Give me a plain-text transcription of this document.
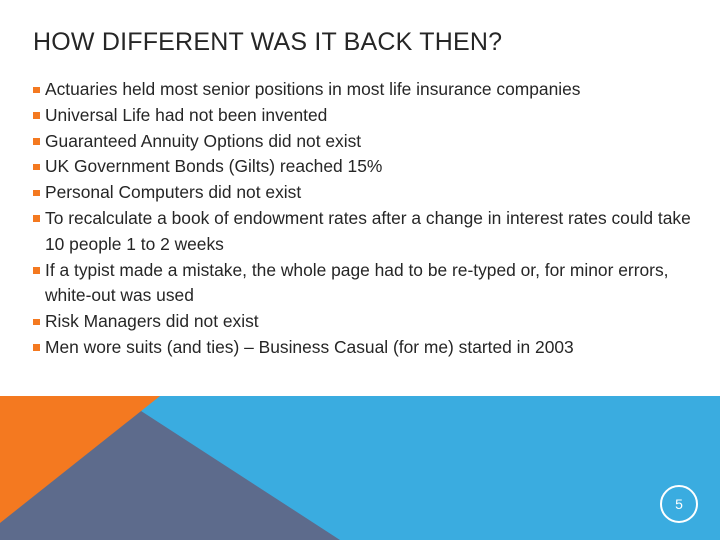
HOW DIFFERENT WAS IT BACK THEN?
Actuaries held most senior positions in most life insurance companies
Universal Life had not been invented
Guaranteed Annuity Options did not exist
UK Government Bonds (Gilts) reached 15%
Personal Computers did not exist
To recalculate a book of endowment rates after a change in interest rates could take 10 people 1 to 2 weeks
If a typist made a mistake, the whole page had to be re-typed or, for minor errors, white-out was used
Risk Managers did not exist
Men wore suits (and ties) – Business Casual (for me) started in 2003
5
